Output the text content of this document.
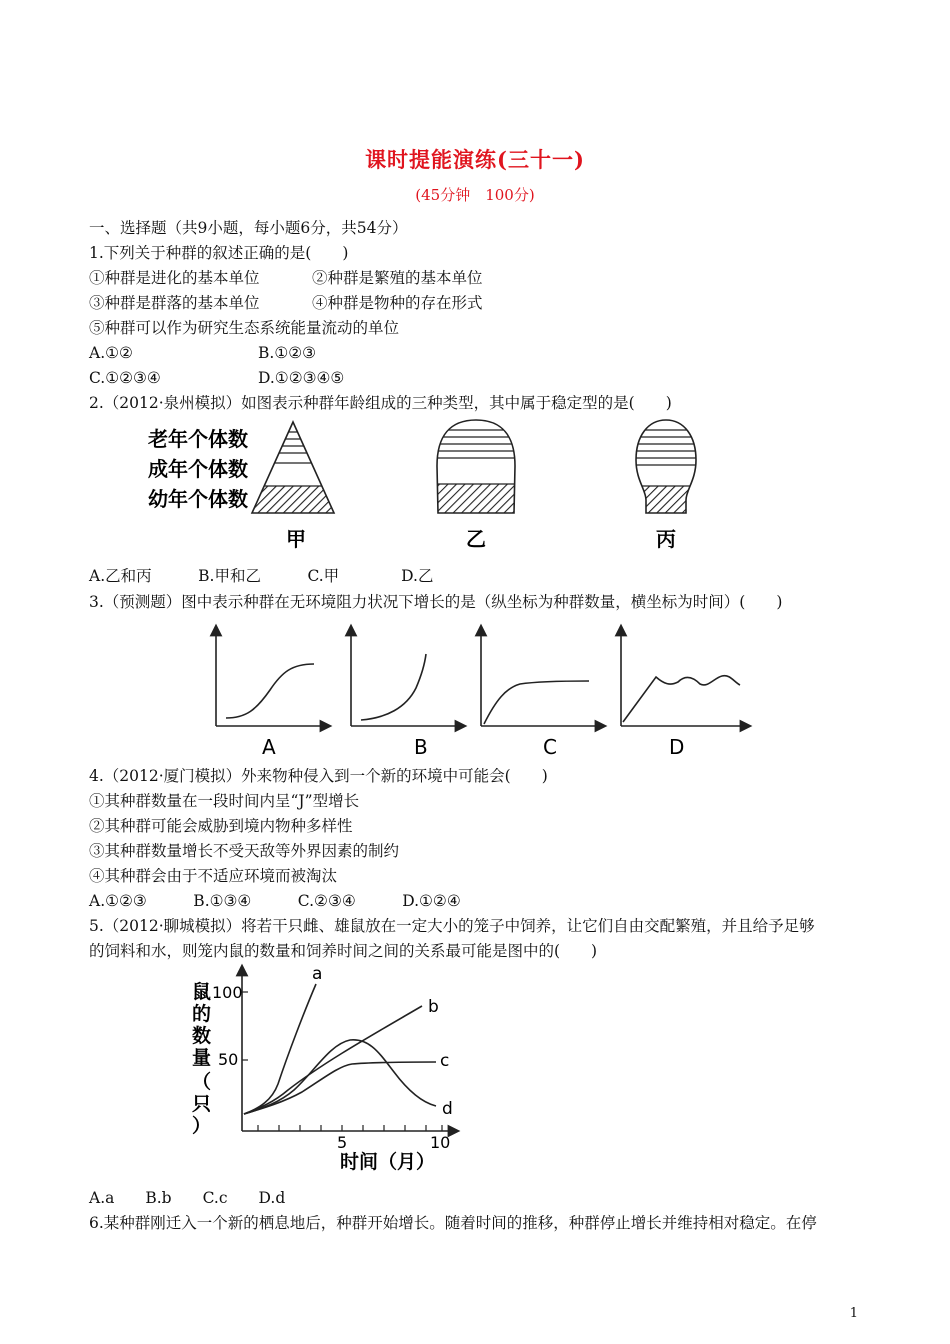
课时提能演练(三十一)
(45分钟　100分)
一、选择题（共9小题，每小题6分，共54分）
1.下列关于种群的叙述正确的是(　　)
①种群是进化的基本单位	②种群是繁殖的基本单位
③种群是群落的基本单位	④种群是物种的存在形式
⑤种群可以作为研究生态系统能量流动的单位
A.①②	B.①②③
C.①②③④	D.①②③④⑤
2.（2012·泉州模拟）如图表示种群年龄组成的三种类型，其中属于稳定型的是(　　)
老年个体数
成年个体数
幼年个体数
甲	乙	丙
A.乙和丙　　　B.甲和乙　　　C.甲　　　　D.乙
3.（预测题）图中表示种群在无环境阻力状况下增长的是（纵坐标为种群数量，横坐标为时间）(　　)
A	B	C	D
4.（2012·厦门模拟）外来物种侵入到一个新的环境中可能会(　　)
①其种群数量在一段时间内呈“J”型增长
②其种群可能会威胁到境内物种多样性
③其种群数量增长不受天敌等外界因素的制约
④其种群会由于不适应环境而被淘汰
A.①②③　　　B.①③④　　　C.②③④　　　D.①②④
5.（2012·聊城模拟）将若干只雌、雄鼠放在一定大小的笼子中饲养，让它们自由交配繁殖，并且给予足够
的饲料和水，则笼内鼠的数量和饲养时间之间的关系最可能是图中的(　　)
鼠的数量（只）
100
50
5	10
时间（月）
a
b
c
d
A.a　　B.b　　C.c　　D.d
6.某种群刚迁入一个新的栖息地后，种群开始增长。随着时间的推移，种群停止增长并维持相对稳定。在停
1
